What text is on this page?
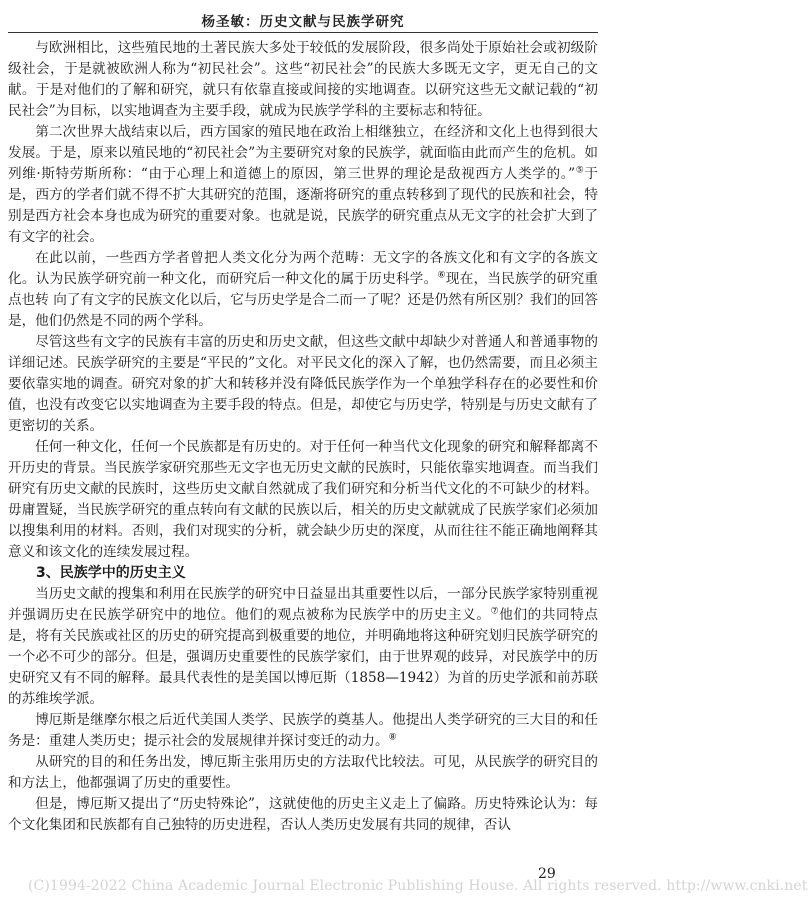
杨圣敏：历史文献与民族学研究

与欧洲相比，这些殖民地的土著民族大多处于较低的发展阶段，很多尚处于原始社会或初级阶级社会，于是就被欧洲人称为“初民社会”。这些“初民社会”的民族大多既无文字，更无自己的文献。于是对他们的了解和研究，就只有依靠直接或间接的实地调查。以研究这些无文献记载的“初民社会”为目标，以实地调查为主要手段，就成为民族学学科的主要标志和特征。

第二次世界大战结束以后，西方国家的殖民地在政治上相继独立，在经济和文化上也得到很大发展。于是，原来以殖民地的“初民社会”为主要研究对象的民族学，就面临由此而产生的危机。如列维·斯特劳斯所称：“由于心理上和道德上的原因，第三世界的理论是敌视西方人类学的。”⑤于是，西方的学者们就不得不扩大其研究的范围，逐渐将研究的重点转移到了现代的民族和社会，特别是西方社会本身也成为研究的重要对象。也就是说，民族学的研究重点从无文字的社会扩大到了有文字的社会。

在此以前，一些西方学者曾把人类文化分为两个范畴：无文字的各族文化和有文字的各族文化。认为民族学研究前一种文化，而研究后一种文化的属于历史科学。⑥现在，当民族学的研究重点也转 向了有文字的民族文化以后，它与历史学是合二而一了呢？还是仍然有所区别？我们的回答是，他们仍然是不同的两个学科。

尽管这些有文字的民族有丰富的历史和历史文献，但这些文献中却缺少对普通人和普通事物的详细记述。民族学研究的主要是“平民的”文化。对平民文化的深入了解，也仍然需要，而且必须主要依靠实地的调查。研究对象的扩大和转移并没有降低民族学作为一个单独学科存在的必要性和价值，也没有改变它以实地调查为主要手段的特点。但是，却使它与历史学，特别是与历史文献有了更密切的关系。

任何一种文化，任何一个民族都是有历史的。对于任何一种当代文化现象的研究和解释都离不开历史的背景。当民族学家研究那些无文字也无历史文献的民族时，只能依靠实地调查。而当我们研究有历史文献的民族时，这些历史文献自然就成了我们研究和分析当代文化的不可缺少的材料。毋庸置疑，当民族学研究的重点转向有文献的民族以后，相关的历史文献就成了民族学家们必须加以搜集利用的材料。否则，我们对现实的分析，就会缺少历史的深度，从而往往不能正确地阐释其意义和该文化的连续发展过程。

3、民族学中的历史主义

当历史文献的搜集和利用在民族学的研究中日益显出其重要性以后，一部分民族学家特别重视并强调历史在民族学研究中的地位。他们的观点被称为民族学中的历史主义。⑦他们的共同特点是，将有关民族或社区的历史的研究提高到极重要的地位，并明确地将这种研究划归民族学研究的一个必不可少的部分。但是，强调历史重要性的民族学家们，由于世界观的歧异，对民族学中的历史研究又有不同的解释。最具代表性的是美国以博厄斯（1858—1942）为首的历史学派和前苏联的苏维埃学派。

博厄斯是继摩尔根之后近代美国人类学、民族学的奠基人。他提出人类学研究的三大目的和任务是：重建人类历史；提示社会的发展规律并探讨变迁的动力。⑧

从研究的目的和任务出发，博厄斯主张用历史的方法取代比较法。可见，从民族学的研究目的和方法上，他都强调了历史的重要性。

但是，博厄斯又提出了“历史特殊论”，这就使他的历史主义走上了偏路。历史特殊论认为：每个文化集团和民族都有自己独特的历史进程，否认人类历史发展有共同的规律，否认

29
(C)1994-2022 China Academic Journal Electronic Publishing House. All rights reserved. http://www.cnki.net
